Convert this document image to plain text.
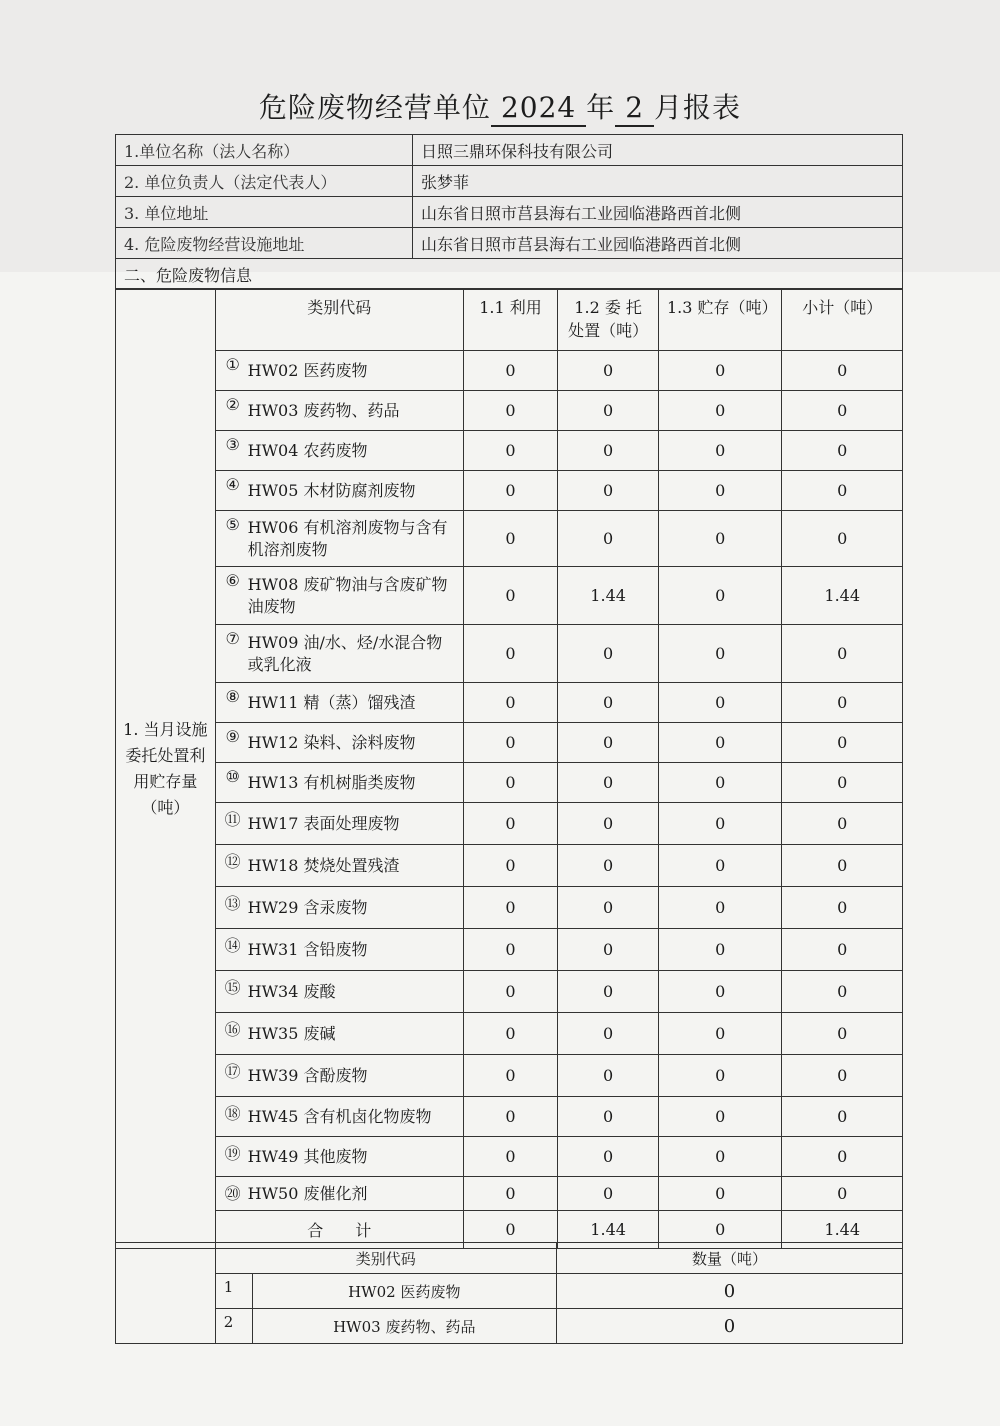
危险废物经营单位 2024 年 2 月报表
1.单位名称（法人名称）	日照三鼎环保科技有限公司
2. 单位负责人（法定代表人）	张梦菲
3. 单位地址	山东省日照市莒县海右工业园临港路西首北侧
4. 危险废物经营设施地址	山东省日照市莒县海右工业园临港路西首北侧
二、危险废物信息
1. 当月设施委托处置利用贮存量（吨）	类别代码		1.1 利用	1.2 委 托 处置（吨）	1.3 贮存（吨）	小计（吨）
	①	HW02 医药废物	0	0	0	0
	②	HW03 废药物、药品	0	0	0	0
	③	HW04 农药废物	0	0	0	0
	④	HW05 木材防腐剂废物	0	0	0	0
	⑤	HW06 有机溶剂废物与含有机溶剂废物	0	0	0	0
	⑥	HW08 废矿物油与含废矿物油废物	0	1.44	0	1.44
	⑦	HW09 油/水、烃/水混合物或乳化液	0	0	0	0
	⑧	HW11 精（蒸）馏残渣	0	0	0	0
	⑨	HW12 染料、涂料废物	0	0	0	0
	⑩	HW13 有机树脂类废物	0	0	0	0
	⑪	HW17 表面处理废物	0	0	0	0
	⑫	HW18 焚烧处置残渣	0	0	0	0
	⑬	HW29 含汞废物	0	0	0	0
	⑭	HW31 含铅废物	0	0	0	0
	⑮	HW34 废酸	0	0	0	0
	⑯	HW35 废碱	0	0	0	0
	⑰	HW39 含酚废物	0	0	0	0
	⑱	HW45 含有机卤化物废物	0	0	0	0
	⑲	HW49 其他废物	0	0	0	0
	⑳	HW50 废催化剂	0	0	0	0
	合　　计		0	1.44	0	1.44
	类别代码		数量（吨）
	1	HW02 医药废物	0
	2	HW03 废药物、药品	0
